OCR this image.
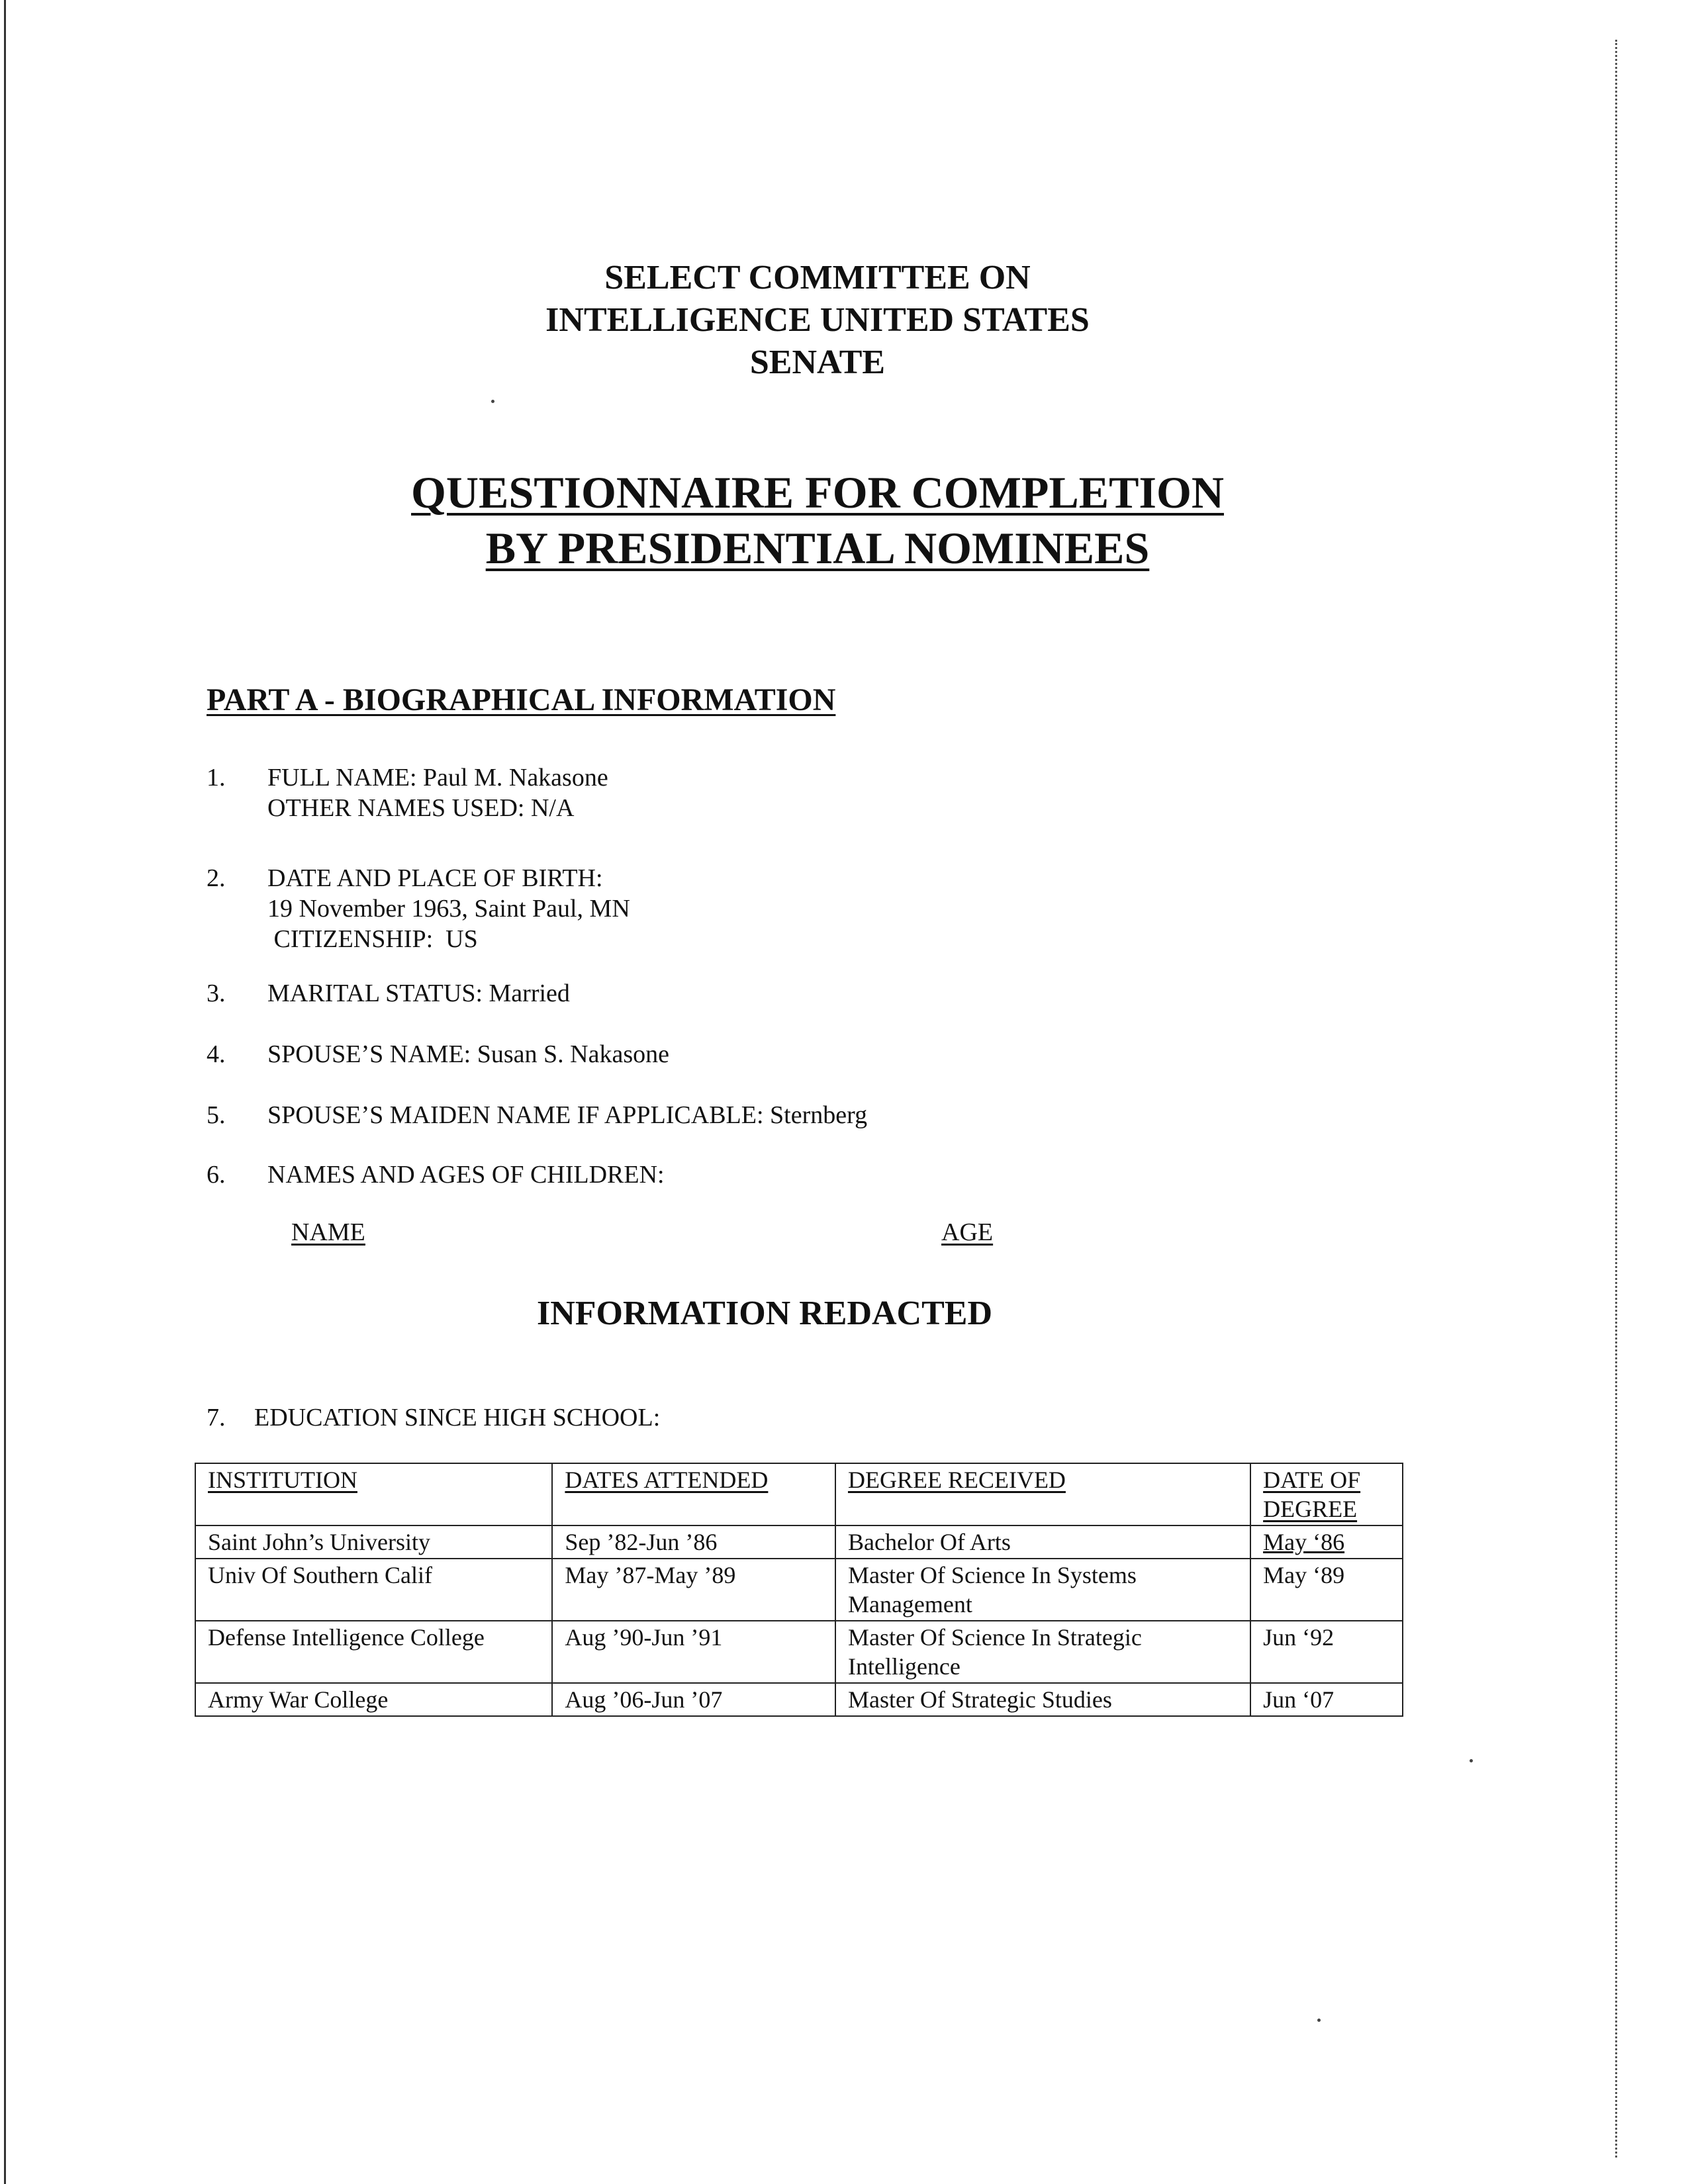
SELECT COMMITTEE ON
INTELLIGENCE UNITED STATES
SENATE
QUESTIONNAIRE FOR COMPLETION
BY PRESIDENTIAL NOMINEES
PART A - BIOGRAPHICAL INFORMATION
1.	FULL NAME: Paul M. Nakasone
OTHER NAMES USED: N/A
2.	DATE AND PLACE OF BIRTH:
19 November 1963, Saint Paul, MN
CITIZENSHIP:  US
3.	MARITAL STATUS: Married
4.	SPOUSE’S NAME: Susan S. Nakasone
5.	SPOUSE’S MAIDEN NAME IF APPLICABLE: Sternberg
6.	NAMES AND AGES OF CHILDREN:
NAME	AGE
INFORMATION REDACTED
7. EDUCATION SINCE HIGH SCHOOL:
INSTITUTION	DATES ATTENDED	DEGREE RECEIVED	DATE OF DEGREE
Saint John’s University	Sep ’82-Jun ’86	Bachelor Of Arts	May ‘86
Univ Of Southern Calif	May ’87-May ’89	Master Of Science In Systems Management	May ‘89
Defense Intelligence College	Aug ’90-Jun ’91	Master Of Science In Strategic Intelligence	Jun ‘92
Army War College	Aug ’06-Jun ’07	Master Of Strategic Studies	Jun ‘07
